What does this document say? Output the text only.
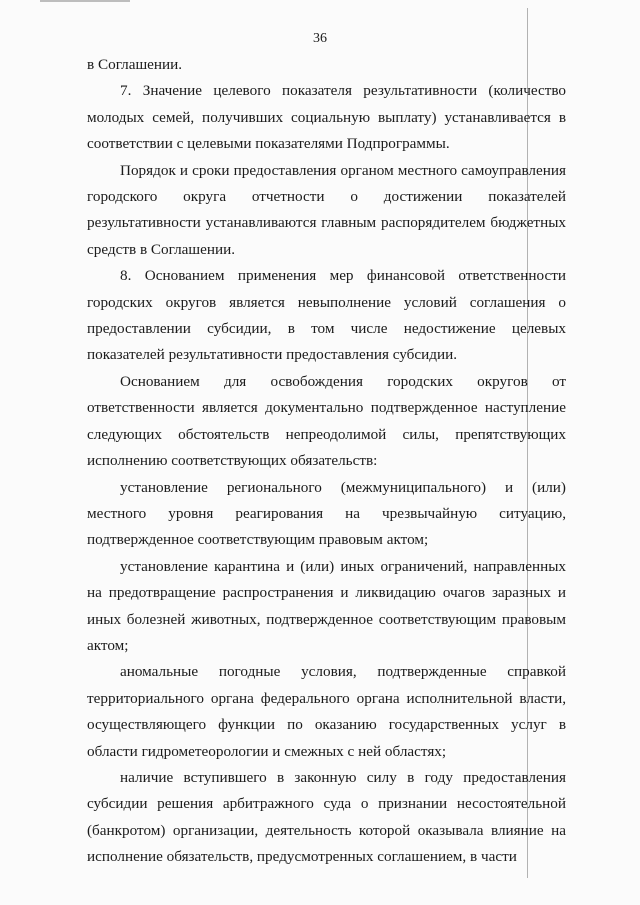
36

в Соглашении.

7. Значение целевого показателя результативности (количество молодых семей, получивших социальную выплату) устанавливается в соответствии с целевыми показателями Подпрограммы.

Порядок и сроки предоставления органом местного самоуправления городского округа отчетности о достижении показателей результативности устанавливаются главным распорядителем бюджетных средств в Соглашении.

8. Основанием применения мер финансовой ответственности городских округов является невыполнение условий соглашения о предоставлении субсидии, в том числе недостижение целевых показателей результативности предоставления субсидии.

Основанием для освобождения городских округов от ответственности является документально подтвержденное наступление следующих обстоятельств непреодолимой силы, препятствующих исполнению соответствующих обязательств:

установление регионального (межмуниципального) и (или) местного уровня реагирования на чрезвычайную ситуацию, подтвержденное соответствующим правовым актом;

установление карантина и (или) иных ограничений, направленных на предотвращение распространения и ликвидацию очагов заразных и иных болезней животных, подтвержденное соответствующим правовым актом;

аномальные погодные условия, подтвержденные справкой территориального органа федерального органа исполнительной власти, осуществляющего функции по оказанию государственных услуг в области гидрометеорологии и смежных с ней областях;

наличие вступившего в законную силу в году предоставления субсидии решения арбитражного суда о признании несостоятельной (банкротом) организации, деятельность которой оказывала влияние на исполнение обязательств, предусмотренных соглашением, в части
